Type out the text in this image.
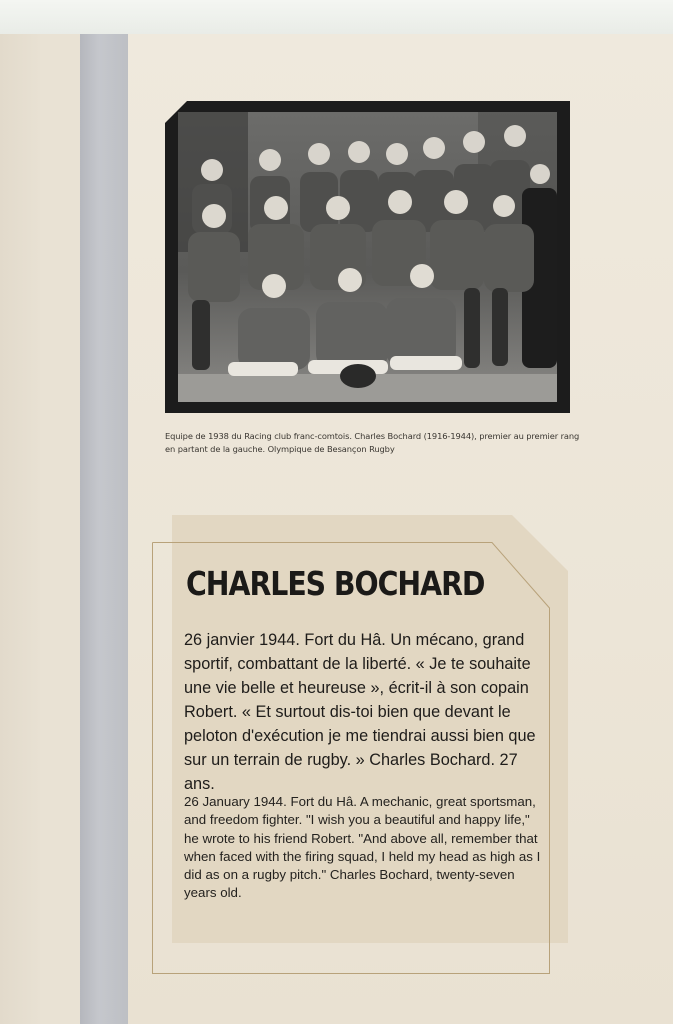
Equipe de 1938 du Racing club franc-comtois. Charles Bochard (1916-1944), premier au premier rang en partant de la gauche. Olympique de Besançon Rugby
CHARLES BOCHARD

26 janvier 1944. Fort du Hâ. Un mécano, grand sportif, combattant de la liberté. « Je te souhaite une vie belle et heureuse », écrit-il à son copain Robert. « Et surtout dis-toi bien que devant le peloton d'exécution je me tiendrai aussi bien que sur un terrain de rugby. » Charles Bochard. 27 ans.

26 January 1944. Fort du Hâ. A mechanic, great sportsman, and freedom fighter. "I wish you a beautiful and happy life," he wrote to his friend Robert. "And above all, remember that when faced with the firing squad, I held my head as high as I did as on a rugby pitch." Charles Bochard, twenty-seven years old.
